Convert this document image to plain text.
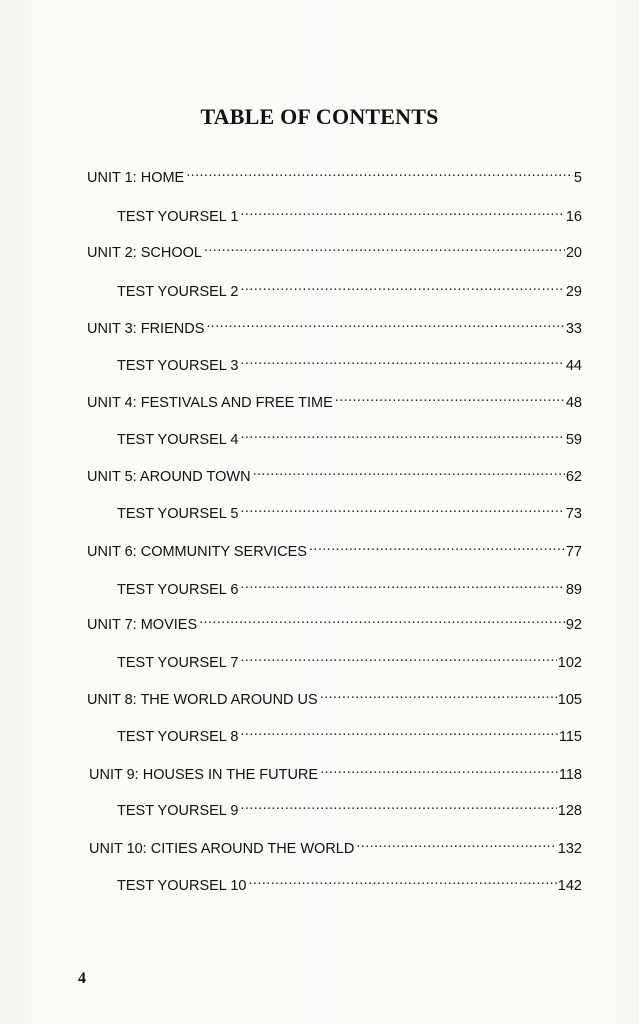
TABLE OF CONTENTS
UNIT 1: HOME .....	5
TEST YOURSEL 1 .....	16
UNIT 2: SCHOOL .....	20
TEST YOURSEL 2 .....	29
UNIT 3: FRIENDS .....	33
TEST YOURSEL 3 .....	44
UNIT 4: FESTIVALS AND FREE TIME .....	48
TEST YOURSEL 4 .....	59
UNIT 5: AROUND TOWN .....	62
TEST YOURSEL 5 .....	73
UNIT 6: COMMUNITY SERVICES .....	77
TEST YOURSEL 6 .....	89
UNIT 7: MOVIES .....	92
TEST YOURSEL 7 .....	102
UNIT 8: THE WORLD AROUND US .....	105
TEST YOURSEL 8 .....	115
UNIT 9: HOUSES IN THE FUTURE .....	118
TEST YOURSEL 9 .....	128
UNIT 10: CITIES AROUND THE WORLD .....	132
TEST YOURSEL 10 .....	142
4
